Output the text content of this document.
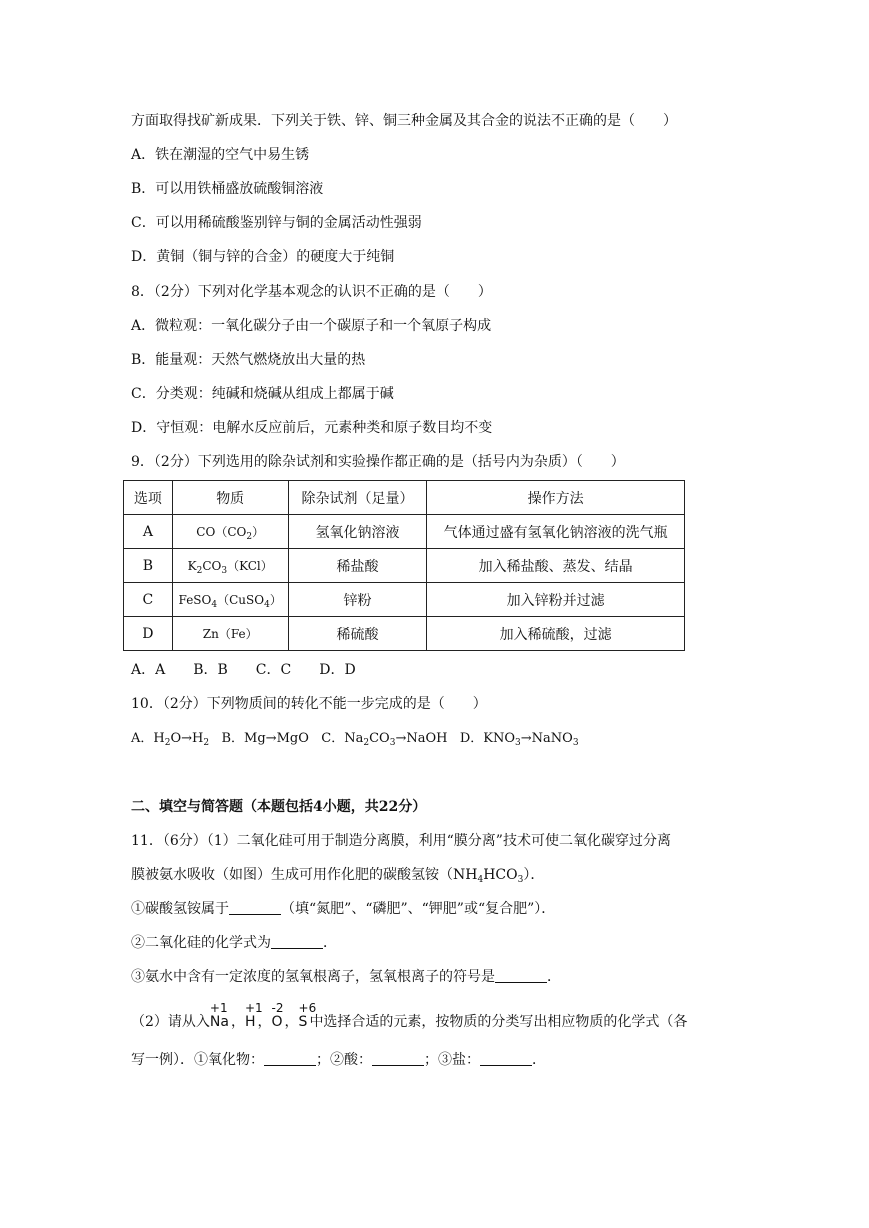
方面取得找矿新成果．下列关于铁、锌、铜三种金属及其合金的说法不正确的是（　　）
A．铁在潮湿的空气中易生锈
B．可以用铁桶盛放硫酸铜溶液
C．可以用稀硫酸鉴别锌与铜的金属活动性强弱
D．黄铜（铜与锌的合金）的硬度大于纯铜
8．（2分）下列对化学基本观念的认识不正确的是（　　）
A．微粒观：一氧化碳分子由一个碳原子和一个氧原子构成
B．能量观：天然气燃烧放出大量的热
C．分类观：纯碱和烧碱从组成上都属于碱
D．守恒观：电解水反应前后，元素种类和原子数目均不变
9．（2分）下列选用的除杂试剂和实验操作都正确的是（括号内为杂质）（　　）
选项	物质	除杂试剂（足量）	操作方法
A	$CO(CO_2)$	氢氧化钠溶液	气体通过盛有氢氧化钠溶液的洗气瓶
B	$K_2CO_3(KCl)$	稀盐酸	加入稀盐酸、蒸发、结晶
C	FeSO$_4$（CuSO$_4$）	锌粉	加入锌粉并过滤
D	Zn（Fe）	稀硫酸	加入稀硫酸，过滤
A．A　　B．B　　C．C　　D．D
10．（2分）下列物质间的转化不能一步完成的是（　　）
A．$H_2O\to H_2$ B．Mg→MgO C．$Na_2CO_3\to NaOH$ D．$KNO_3\to NaNO_3$
二、填空与简答题（本题包括4小题，共22分）
11．（6分）（1）二氧化硅可用于制造分离膜，利用“膜分离”技术可使二氧化碳穿过分离
膜被氨水吸收（如图）生成可用作化肥的碳酸氢铵$(NH_4HCO_3)$．
①碳酸氢铵属于	（填“氮肥”、“磷肥”、“钾肥”或“复合肥”）．
②二氧化硅的化学式为	．
③氨水中含有一定浓度的氢氧根离子，氢氧根离子的符号是	．
（2）请从入
+1
Na ，
+1
H ，
-2
O ，
+6
S 中选择合适的元素，按物质的分类写出相应物质的化学式（各
写一例）．①氧化物：	；②酸：	；③盐：	．
